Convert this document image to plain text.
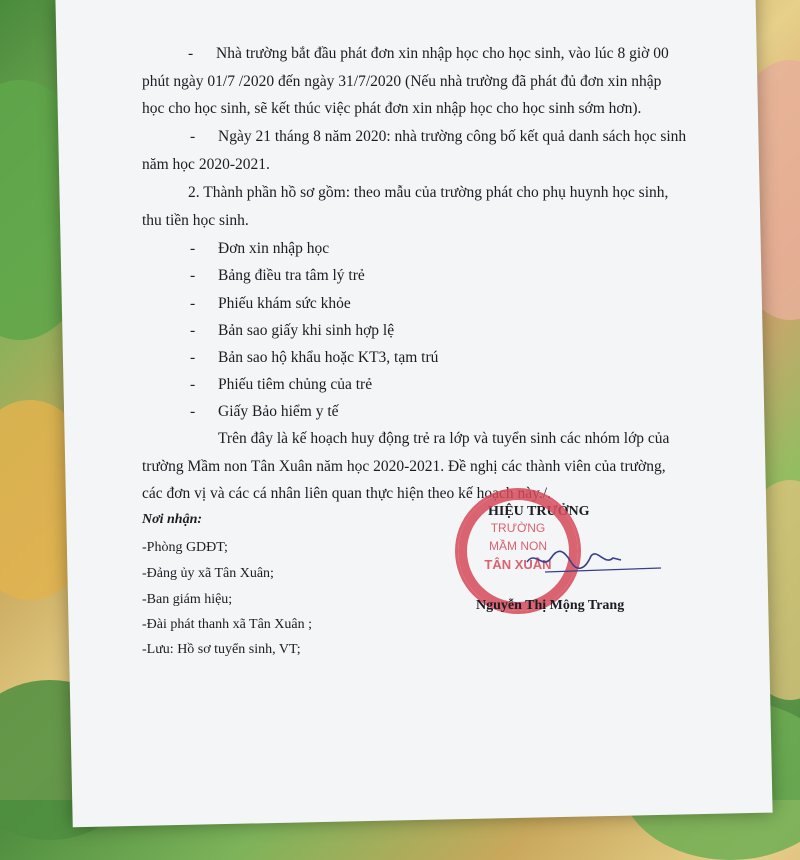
- Nhà trường bắt đầu phát đơn xin nhập học cho học sinh, vào lúc 8 giờ 00
phút ngày 01/7 /2020 đến ngày 31/7/2020 (Nếu nhà trường đã phát đủ đơn xin nhập
học cho học sinh, sẽ kết thúc việc phát đơn xin nhập học cho học sinh sớm hơn).
- Ngày 21 tháng 8 năm 2020: nhà trường công bố kết quả danh sách học sinh
năm học 2020-2021.
2. Thành phần hồ sơ gồm: theo mẫu của trường phát cho phụ huynh học sinh,
thu tiền học sinh.
- Đơn xin nhập học
- Bảng điều tra tâm lý trẻ
- Phiếu khám sức khỏe
- Bản sao giấy khi sinh hợp lệ
- Bản sao hộ khẩu hoặc KT3, tạm trú
- Phiếu tiêm chủng của trẻ
- Giấy Bảo hiểm y tế
Trên đây là kế hoạch huy động trẻ ra lớp và tuyển sinh các nhóm lớp của
trường Mầm non Tân Xuân năm học 2020-2021. Đề nghị các thành viên của trường,
các đơn vị và các cá nhân liên quan thực hiện theo kế hoạch này./.
Nơi nhận:
-Phòng GDĐT;
-Đảng ủy xã Tân Xuân;
-Ban giám hiệu;
-Đài phát thanh xã Tân Xuân ;
-Lưu: Hồ sơ tuyển sinh, VT;
HIỆU TRƯỞNG
TRƯỜNG
MẦM NON
TÂN XUÂN
Nguyễn Thị Mộng Trang
